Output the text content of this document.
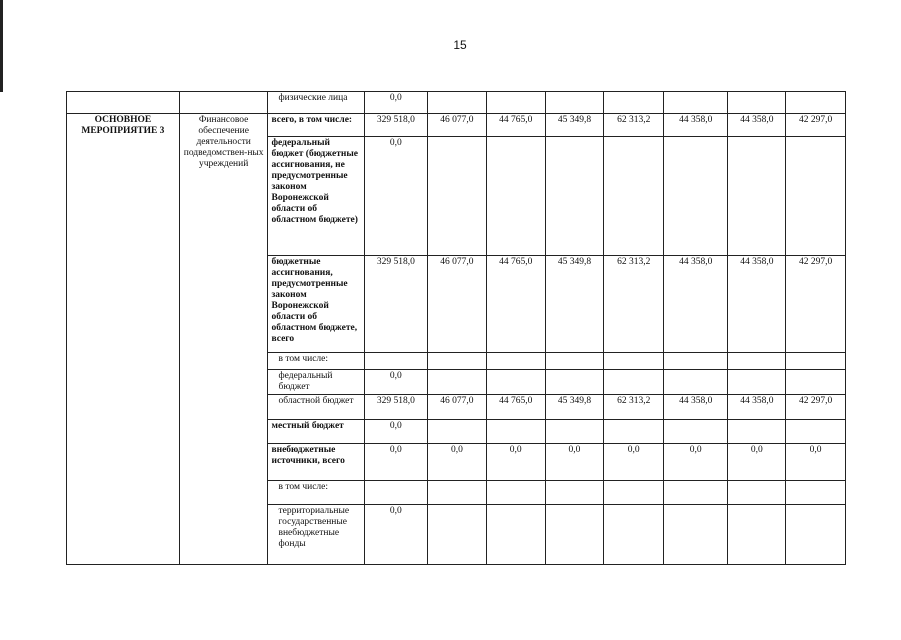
15
		физические лица	0,0							

ОСНОВНОЕ
МЕРОПРИЯТИЕ 3	Финансовое обеспечение деятельности подведомствен-ных учреждений	всего, в том числе:	329 518,0	46 077,0	44 765,0	45 349,8	62 313,2	44 358,0	44 358,0	42 297,0
		федеральный бюджет (бюджетные ассигнования, не предусмотренные законом Воронежской области об областном бюджете)	0,0							
		бюджетные ассигнования, предусмотренные законом Воронежской области об областном бюджете, всего	329 518,0	46 077,0	44 765,0	45 349,8	62 313,2	44 358,0	44 358,0	42 297,0
		в том числе:								
		федеральный бюджет	0,0							
		областной бюджет	329 518,0	46 077,0	44 765,0	45 349,8	62 313,2	44 358,0	44 358,0	42 297,0
		местный бюджет	0,0							
		внебюджетные источники, всего	0,0	0,0	0,0	0,0	0,0	0,0	0,0	0,0
		в том числе:								
		территориальные государственные внебюджетные фонды	0,0							
